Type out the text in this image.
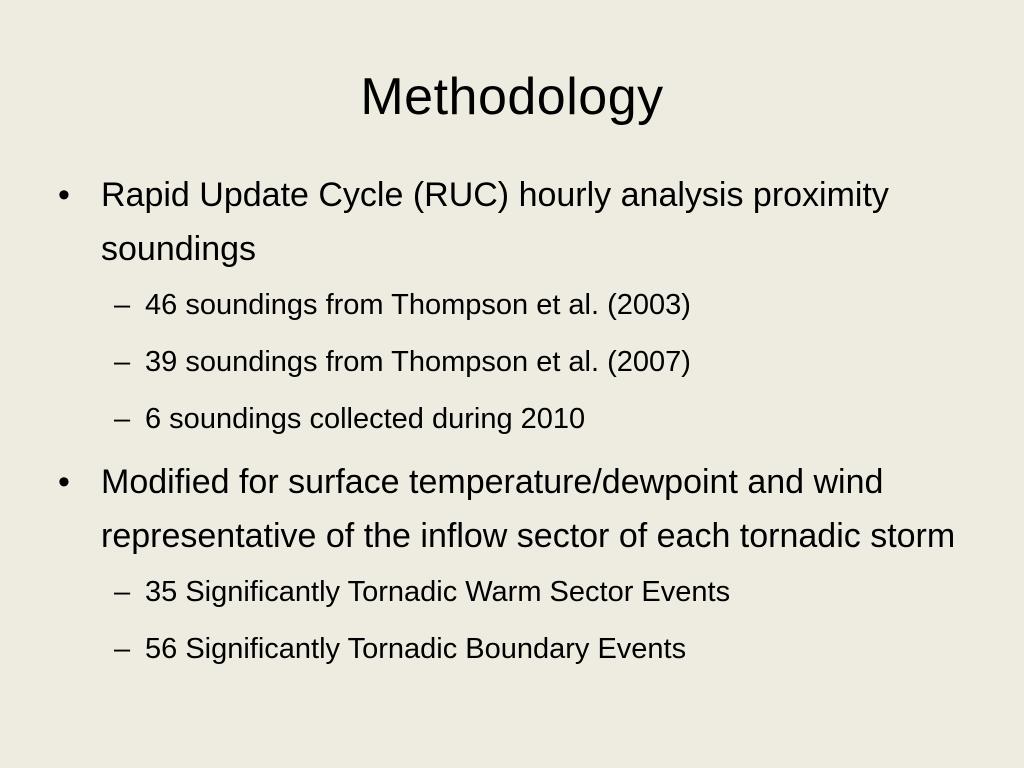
Methodology
• Rapid Update Cycle (RUC) hourly analysis proximity soundings
– 46 soundings from Thompson et al. (2003)
– 39 soundings from Thompson et al. (2007)
– 6 soundings collected during 2010
• Modified for surface temperature/dewpoint and wind representative of the inflow sector of each tornadic storm
– 35 Significantly Tornadic Warm Sector Events
– 56 Significantly Tornadic Boundary Events
